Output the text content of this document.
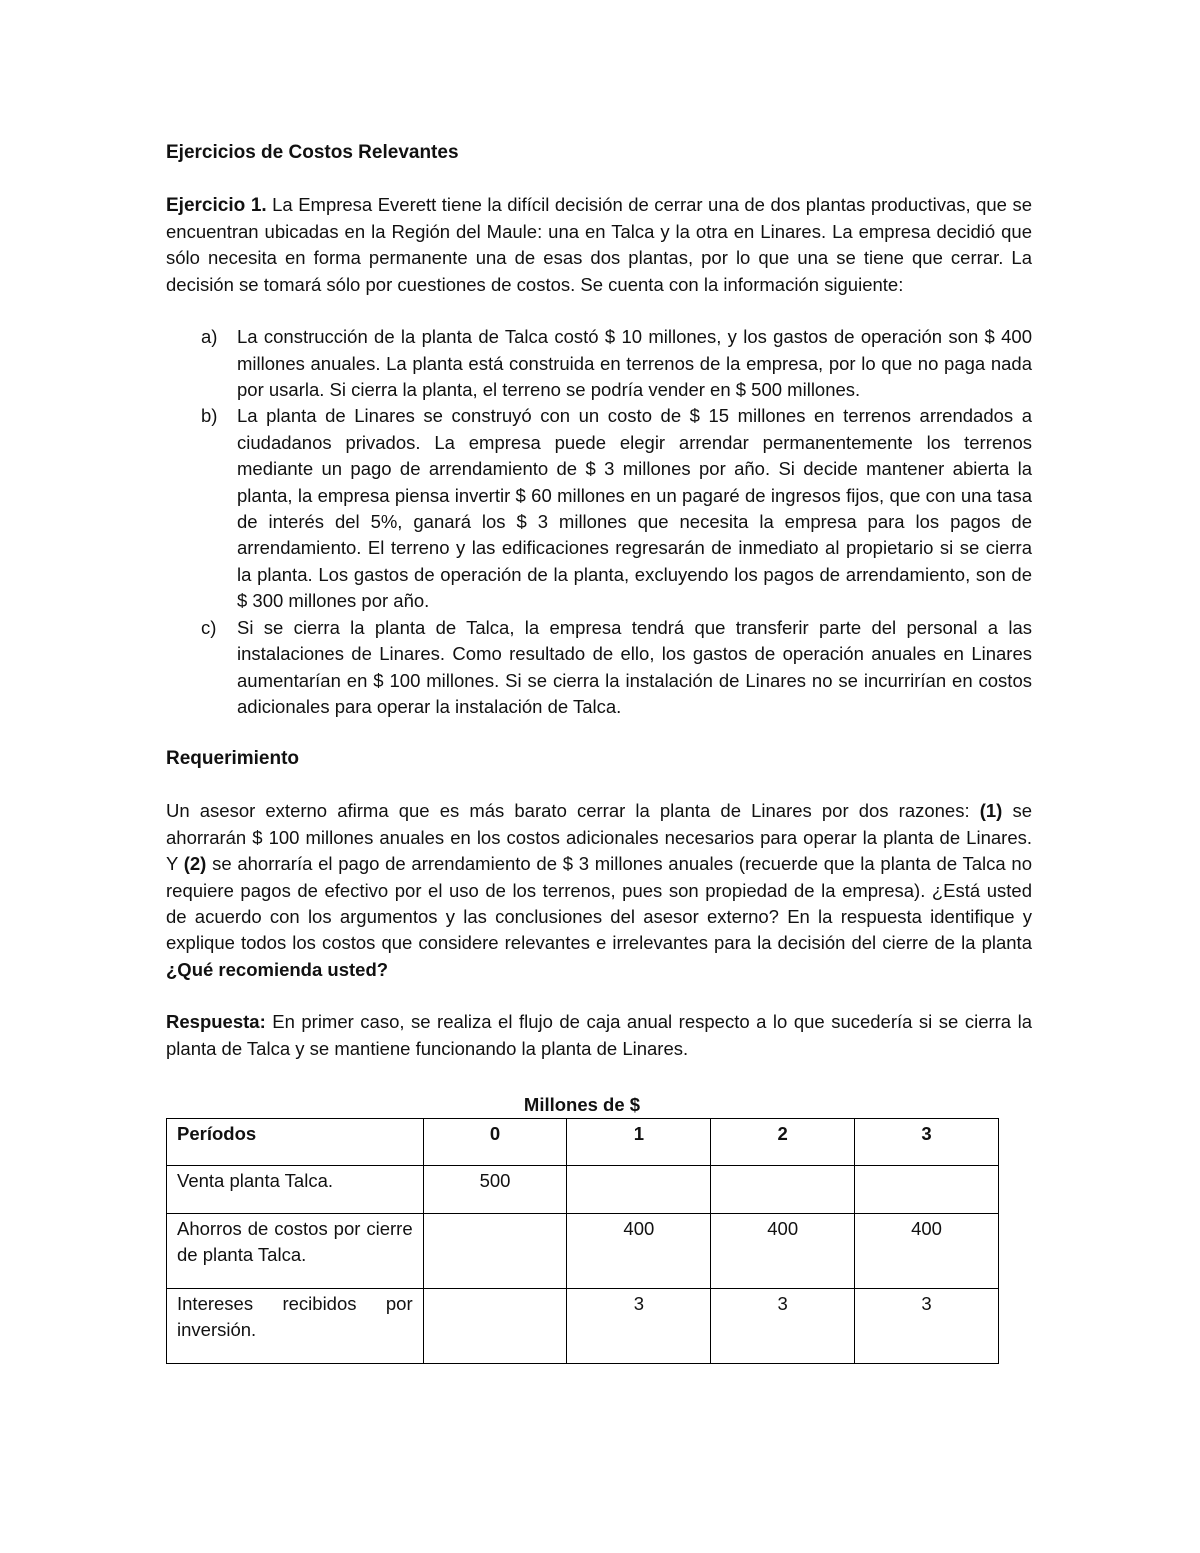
Ejercicios de Costos Relevantes

Ejercicio 1. La Empresa Everett tiene la difícil decisión de cerrar una de dos plantas productivas, que se encuentran ubicadas en la Región del Maule: una en Talca y la otra en Linares. La empresa decidió que sólo necesita en forma permanente una de esas dos plantas, por lo que una se tiene que cerrar. La decisión se tomará sólo por cuestiones de costos. Se cuenta con la información siguiente:

a) La construcción de la planta de Talca costó $ 10 millones, y los gastos de operación son $ 400 millones anuales. La planta está construida en terrenos de la empresa, por lo que no paga nada por usarla. Si cierra la planta, el terreno se podría vender en $ 500 millones.
b) La planta de Linares se construyó con un costo de $ 15 millones en terrenos arrendados a ciudadanos privados. La empresa puede elegir arrendar permanentemente los terrenos mediante un pago de arrendamiento de $ 3 millones por año. Si decide mantener abierta la planta, la empresa piensa invertir $ 60 millones en un pagaré de ingresos fijos, que con una tasa de interés del 5%, ganará los $ 3 millones que necesita la empresa para los pagos de arrendamiento. El terreno y las edificaciones regresarán de inmediato al propietario si se cierra la planta. Los gastos de operación de la planta, excluyendo los pagos de arrendamiento, son de $ 300 millones por año.
c) Si se cierra la planta de Talca, la empresa tendrá que transferir parte del personal a las instalaciones de Linares. Como resultado de ello, los gastos de operación anuales en Linares aumentarían en $ 100 millones. Si se cierra la instalación de Linares no se incurrirían en costos adicionales para operar la instalación de Talca.

Requerimiento

Un asesor externo afirma que es más barato cerrar la planta de Linares por dos razones: (1) se ahorrarán $ 100 millones anuales en los costos adicionales necesarios para operar la planta de Linares. Y (2) se ahorraría el pago de arrendamiento de $ 3 millones anuales (recuerde que la planta de Talca no requiere pagos de efectivo por el uso de los terrenos, pues son propiedad de la empresa). ¿Está usted de acuerdo con los argumentos y las conclusiones del asesor externo? En la respuesta identifique y explique todos los costos que considere relevantes e irrelevantes para la decisión del cierre de la planta ¿Qué recomienda usted?

Respuesta: En primer caso, se realiza el flujo de caja anual respecto a lo que sucedería si se cierra la planta de Talca y se mantiene funcionando la planta de Linares.

Millones de $

Períodos	0	1	2	3
Venta planta Talca.	500			
Ahorros de costos por cierre de planta Talca.		400	400	400
Intereses recibidos por inversión.		3	3	3
